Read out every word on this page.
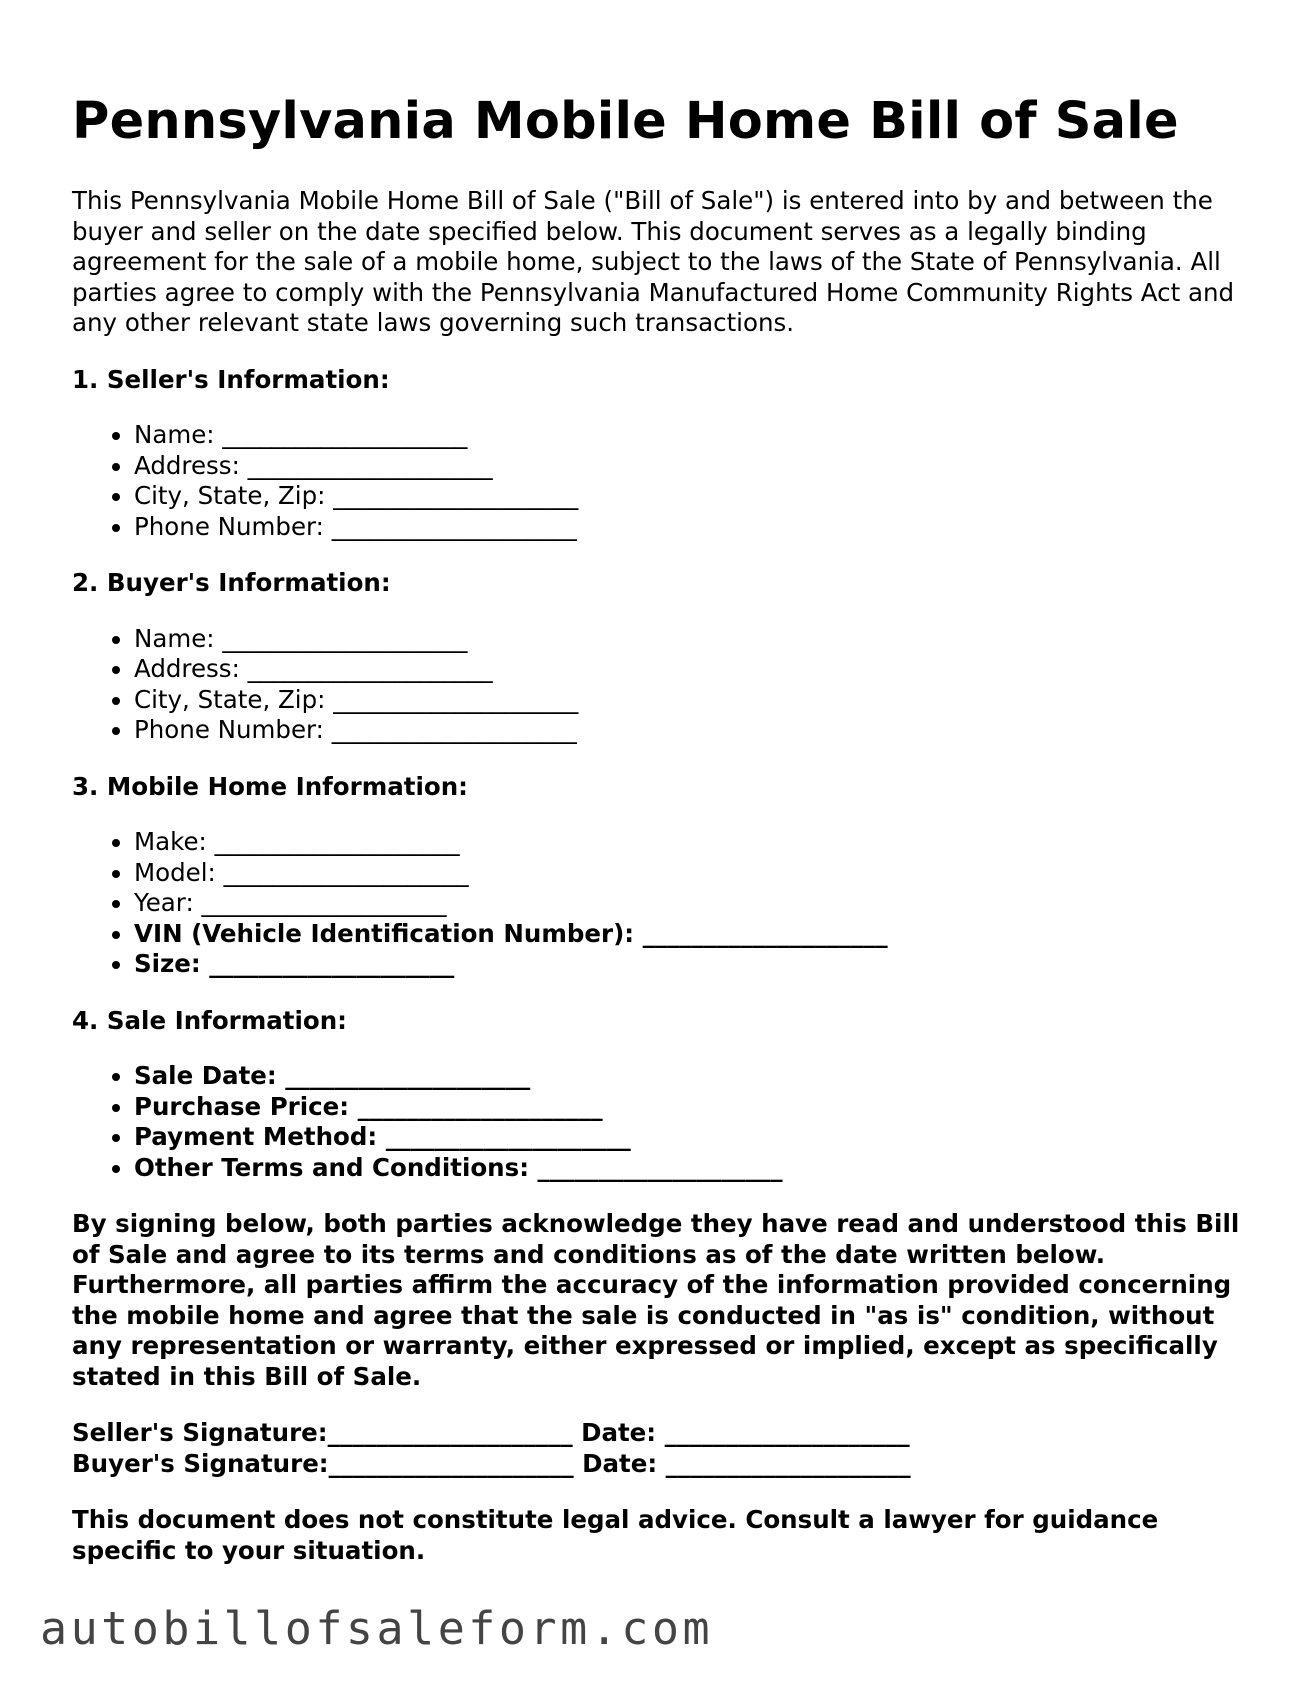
Pennsylvania Mobile Home Bill of Sale

This Pennsylvania Mobile Home Bill of Sale ("Bill of Sale") is entered into by and between the buyer and seller on the date specified below. This document serves as a legally binding agreement for the sale of a mobile home, subject to the laws of the State of Pennsylvania. All parties agree to comply with the Pennsylvania Manufactured Home Community Rights Act and any other relevant state laws governing such transactions.

1. Seller's Information:

• Name: ____________________
• Address: ____________________
• City, State, Zip: ____________________
• Phone Number: ____________________

2. Buyer's Information:

• Name: ____________________
• Address: ____________________
• City, State, Zip: ____________________
• Phone Number: ____________________

3. Mobile Home Information:

• Make: ____________________
• Model: ____________________
• Year: ____________________
• VIN (Vehicle Identification Number): ____________________
• Size: ____________________

4. Sale Information:

• Sale Date: ____________________
• Purchase Price: ____________________
• Payment Method: ____________________
• Other Terms and Conditions: ____________________

By signing below, both parties acknowledge they have read and understood this Bill of Sale and agree to its terms and conditions as of the date written below. Furthermore, all parties affirm the accuracy of the information provided concerning the mobile home and agree that the sale is conducted in "as is" condition, without any representation or warranty, either expressed or implied, except as specifically stated in this Bill of Sale.

Seller's Signature:____________________ Date: ____________________
Buyer's Signature:____________________ Date: ____________________

This document does not constitute legal advice. Consult a lawyer for guidance specific to your situation.

autobillofsaleform.com
